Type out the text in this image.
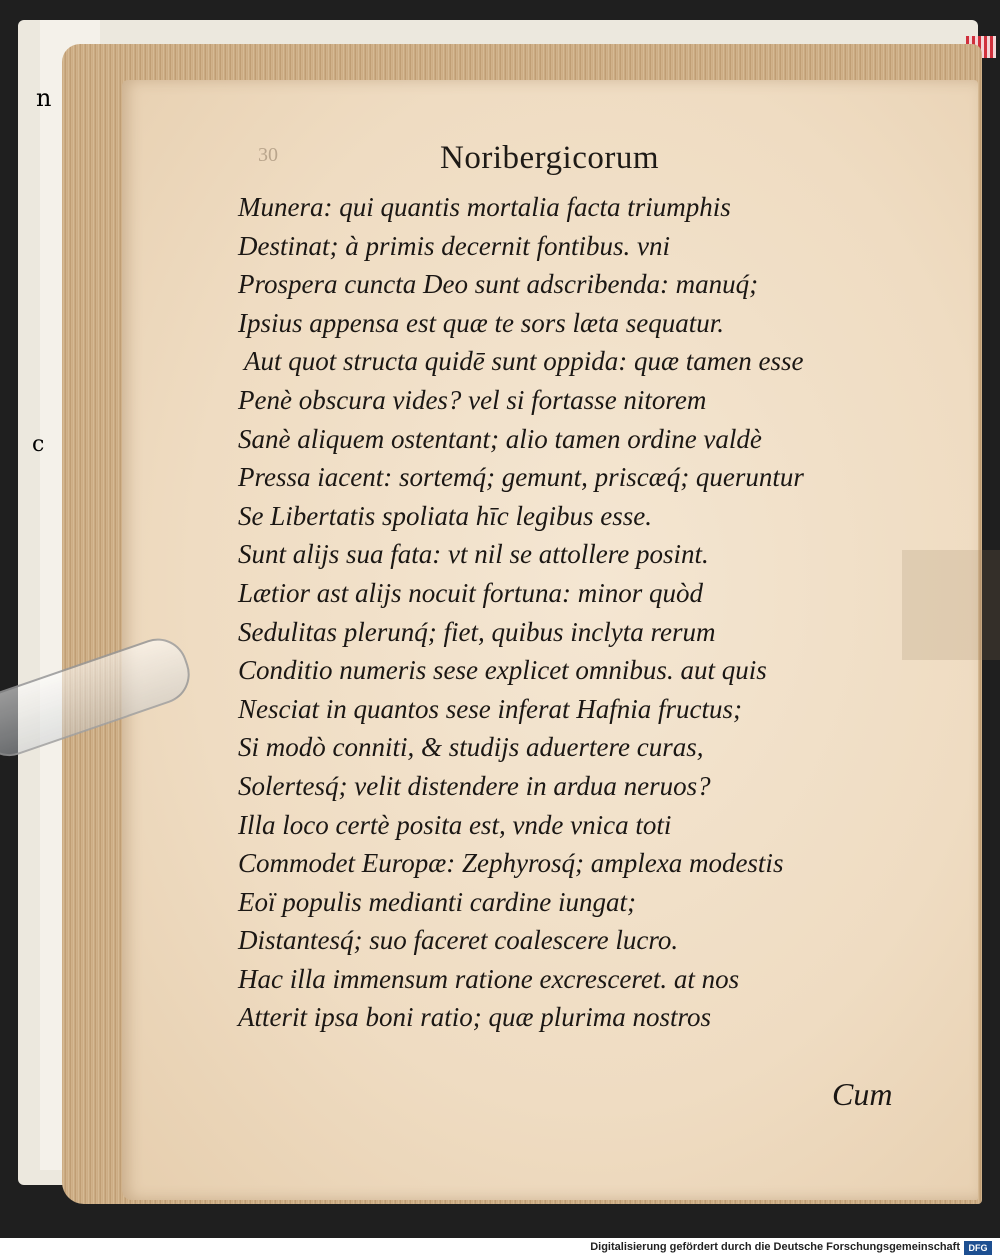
n
c
30	Noribergicorum
Munera: qui quantis mortalia facta triumphis
Destinat; à primis decernit fontibus. vni
Prospera cuncta Deo sunt adscribenda: manuq́;
Ipsius appensa est quæ te sors læta sequatur.
Aut quot structa quidē sunt oppida: quæ tamen esse
Penè obscura vides? vel si fortasse nitorem
Sanè aliquem ostentant; alio tamen ordine valdè
Pressa iacent: sortemq́; gemunt, priscæq́; queruntur
Se Libertatis spoliata hīc legibus esse.
Sunt alijs sua fata: vt nil se attollere posint.
Lætior ast alijs nocuit fortuna: minor quòd
Sedulitas plerunq́; fiet, quibus inclyta rerum
Conditio numeris sese explicet omnibus. aut quis
Nesciat in quantos sese inferat Hafnia fructus;
Si modò conniti, & studijs aduertere curas,
Solertesq́; velit distendere in ardua neruos?
Illa loco certè posita est, vnde vnica toti
Commodet Europæ: Zephyrosq́; amplexa modestis
Eoï populis medianti cardine iungat;
Distantesq́; suo faceret coalescere lucro.
Hac illa immensum ratione excresceret. at nos
Atterit ipsa boni ratio; quæ plurima nostros
Cum
Digitalisierung gefördert durch die Deutsche Forschungsgemeinschaft DFG
